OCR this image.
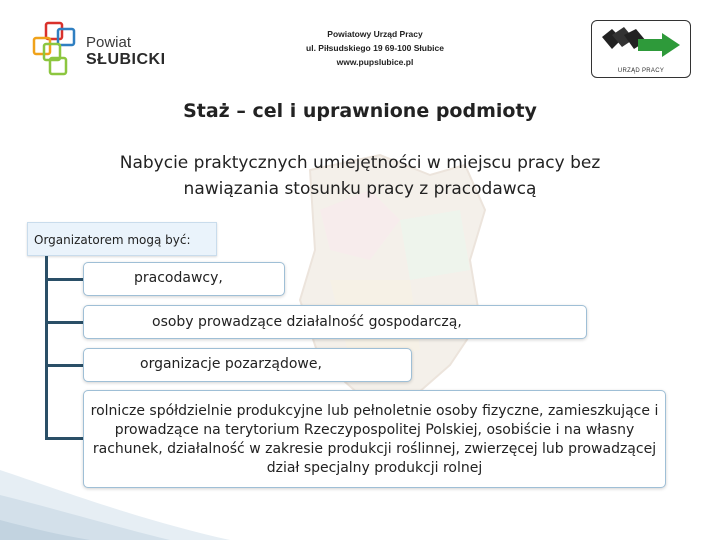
Powiat
SŁUBICKI
Powiatowy Urząd Pracy
ul. Piłsudskiego 19 69-100 Słubice
www.pupslubice.pl
URZĄD PRACY
Staż – cel i uprawnione podmioty
Nabycie praktycznych umiejętności w miejscu pracy bez nawiązania stosunku pracy z pracodawcą
Organizatorem mogą być:
pracodawcy,
osoby prowadzące działalność gospodarczą,
organizacje pozarządowe,
rolnicze spółdzielnie produkcyjne lub pełnoletnie osoby fizyczne, zamieszkujące i prowadzące na terytorium Rzeczypospolitej Polskiej, osobiście i na własny rachunek, działalność w zakresie produkcji roślinnej, zwierzęcej lub prowadzącej dział specjalny produkcji rolnej
